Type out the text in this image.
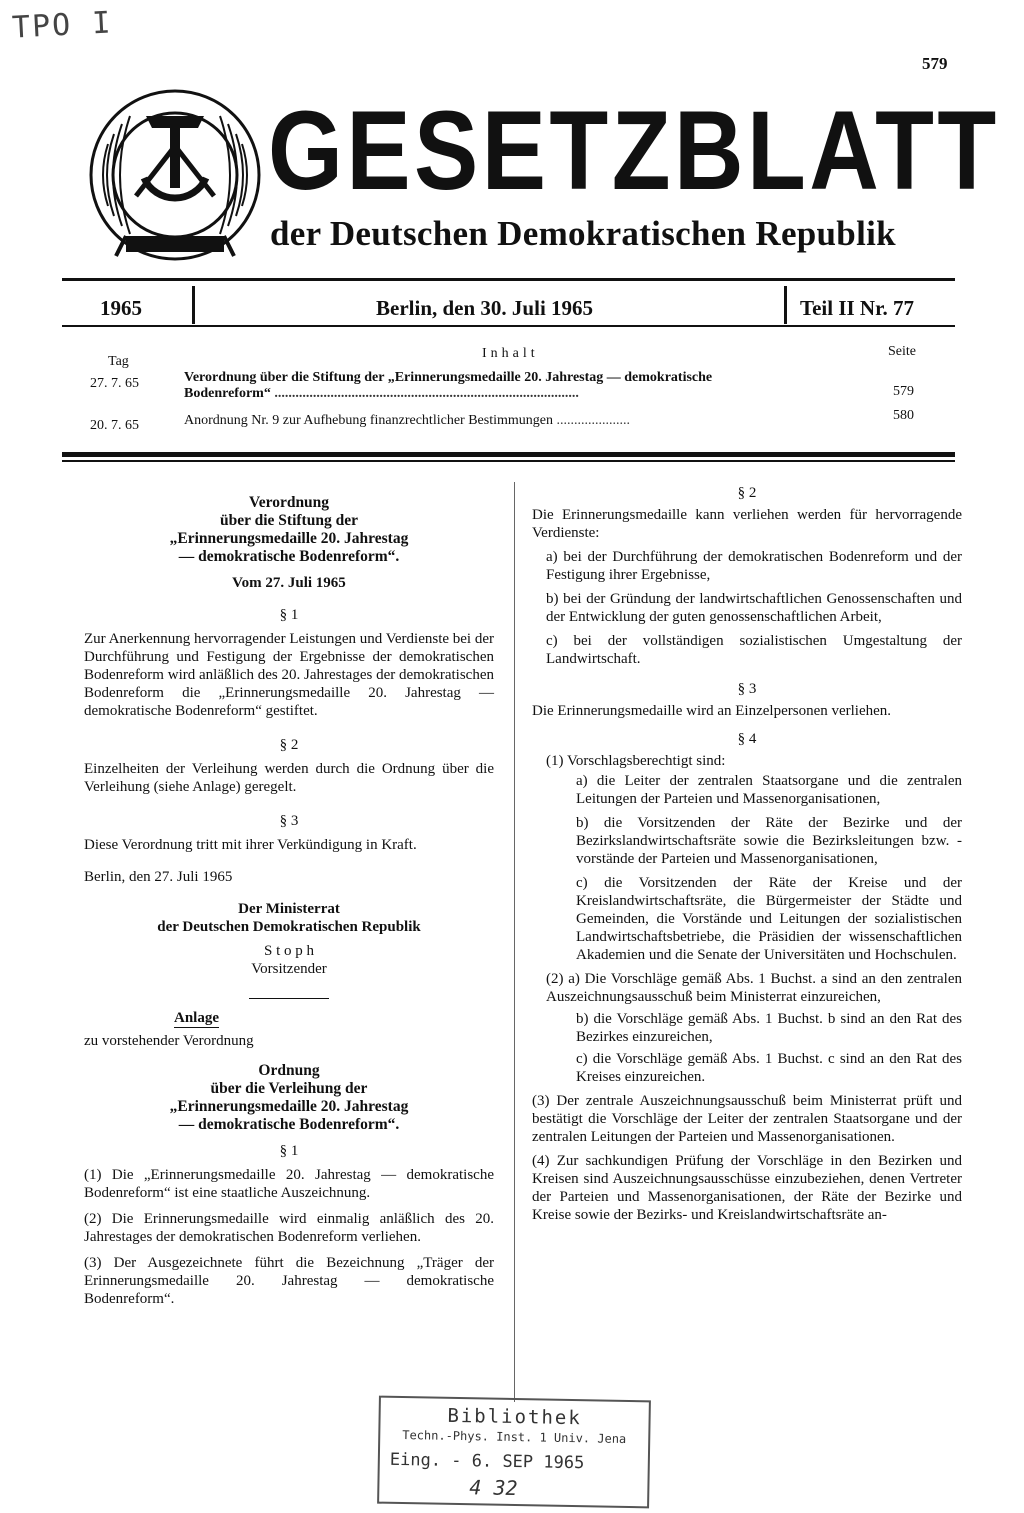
TPO I
579
GESETZBLATT
der Deutschen Demokratischen Republik
1965	Berlin, den 30. Juli 1965	Teil II Nr. 77
Tag
Inhalt	Seite
27. 7. 65	Verordnung über die Stiftung der „Erinnerungsmedaille 20. Jahrestag — demokratische
Bodenreform“ .......................................................................................	579
20. 7. 65	Anordnung Nr. 9 zur Aufhebung finanzrechtlicher Bestimmungen .....................	580
Verordnung
über die Stiftung der
„Erinnerungsmedaille 20. Jahrestag
— demokratische Bodenreform“.
Vom 27. Juli 1965
§ 1

Zur Anerkennung hervorragender Leistungen und Verdienste bei der Durchführung und Festigung der Ergebnisse der demokratischen Bodenreform wird anläßlich des 20. Jahrestages der demokratischen Bodenreform die „Erinnerungsmedaille 20. Jahrestag — demokratische Bodenreform“ gestiftet.

§ 2

Einzelheiten der Verleihung werden durch die Ordnung über die Verleihung (siehe Anlage) geregelt.

§ 3

Diese Verordnung tritt mit ihrer Verkündigung in Kraft.

Berlin, den 27. Juli 1965

Der Ministerrat
der Deutschen Demokratischen Republik
S t o p h
Vorsitzender
Anlage
zu vorstehender Verordnung
Ordnung
über die Verleihung der
„Erinnerungsmedaille 20. Jahrestag
— demokratische Bodenreform“.
§ 1

(1) Die „Erinnerungsmedaille 20. Jahrestag — demokratische Bodenreform“ ist eine staatliche Auszeichnung.

(2) Die Erinnerungsmedaille wird einmalig anläßlich des 20. Jahrestages der demokratischen Bodenreform verliehen.

(3) Der Ausgezeichnete führt die Bezeichnung „Träger der Erinnerungsmedaille 20. Jahrestag — demokratische Bodenreform“.

§ 2

Die Erinnerungsmedaille kann verliehen werden für hervorragende Verdienste:

a) bei der Durchführung der demokratischen Bodenreform und der Festigung ihrer Ergebnisse,

b) bei der Gründung der landwirtschaftlichen Genossenschaften und der Entwicklung der guten genossenschaftlichen Arbeit,

c) bei der vollständigen sozialistischen Umgestaltung der Landwirtschaft.

§ 3

Die Erinnerungsmedaille wird an Einzelpersonen verliehen.

§ 4

(1) Vorschlagsberechtigt sind:

a) die Leiter der zentralen Staatsorgane und die zentralen Leitungen der Parteien und Massenorganisationen,

b) die Vorsitzenden der Räte der Bezirke und der Bezirkslandwirtschaftsräte sowie die Bezirksleitungen bzw. -vorstände der Parteien und Massenorganisationen,

c) die Vorsitzenden der Räte der Kreise und der Kreislandwirtschaftsräte, die Bürgermeister der Städte und Gemeinden, die Vorstände und Leitungen der sozialistischen Landwirtschaftsbetriebe, die Präsidien der wissenschaftlichen Akademien und die Senate der Universitäten und Hochschulen.

(2) a) Die Vorschläge gemäß Abs. 1 Buchst. a sind an den zentralen Auszeichnungsausschuß beim Ministerrat einzureichen,

b) die Vorschläge gemäß Abs. 1 Buchst. b sind an den Rat des Bezirkes einzureichen,

c) die Vorschläge gemäß Abs. 1 Buchst. c sind an den Rat des Kreises einzureichen.

(3) Der zentrale Auszeichnungsausschuß beim Ministerrat prüft und bestätigt die Vorschläge der Leiter der zentralen Staatsorgane und der zentralen Leitungen der Parteien und Massenorganisationen.

(4) Zur sachkundigen Prüfung der Vorschläge in den Bezirken und Kreisen sind Auszeichnungsausschüsse einzubeziehen, denen Vertreter der Parteien und Massenorganisationen, der Räte der Bezirke und Kreise sowie der Bezirks- und Kreislandwirtschaftsräte an-

Bibliothek
Techn.-Phys. Inst. 1 Univ. Jena
Eing. - 6. SEP 1965
4 32
